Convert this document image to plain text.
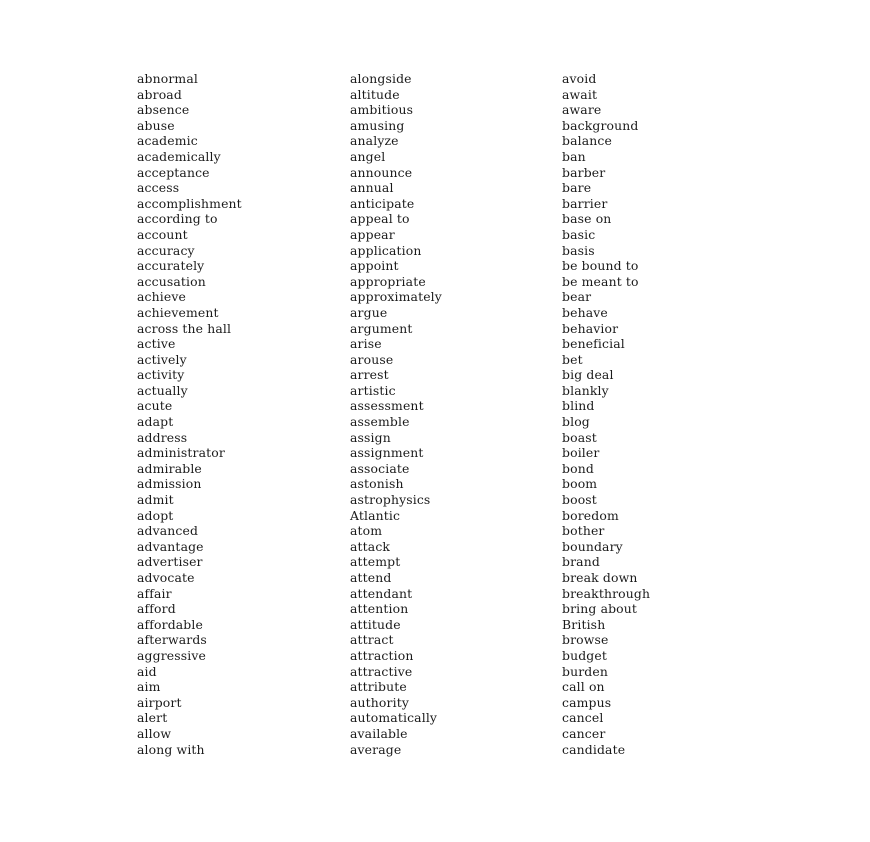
abnormal
abroad
absence
abuse
academic
academically
acceptance
access
accomplishment
according to
account
accuracy
accurately
accusation
achieve
achievement
across the hall
active
actively
activity
actually
acute
adapt
address
administrator
admirable
admission
admit
adopt
advanced
advantage
advertiser
advocate
affair
afford
affordable
afterwards
aggressive
aid
aim
airport
alert
allow
along with
alongside
altitude
ambitious
amusing
analyze
angel
announce
annual
anticipate
appeal to
appear
application
appoint
appropriate
approximately
argue
argument
arise
arouse
arrest
artistic
assessment
assemble
assign
assignment
associate
astonish
astrophysics
Atlantic
atom
attack
attempt
attend
attendant
attention
attitude
attract
attraction
attractive
attribute
authority
automatically
available
average
avoid
await
aware
background
balance
ban
barber
bare
barrier
base on
basic
basis
be bound to
be meant to
bear
behave
behavior
beneficial
bet
big deal
blankly
blind
blog
boast
boiler
bond
boom
boost
boredom
bother
boundary
brand
break down
breakthrough
bring about
British
browse
budget
burden
call on
campus
cancel
cancer
candidate
